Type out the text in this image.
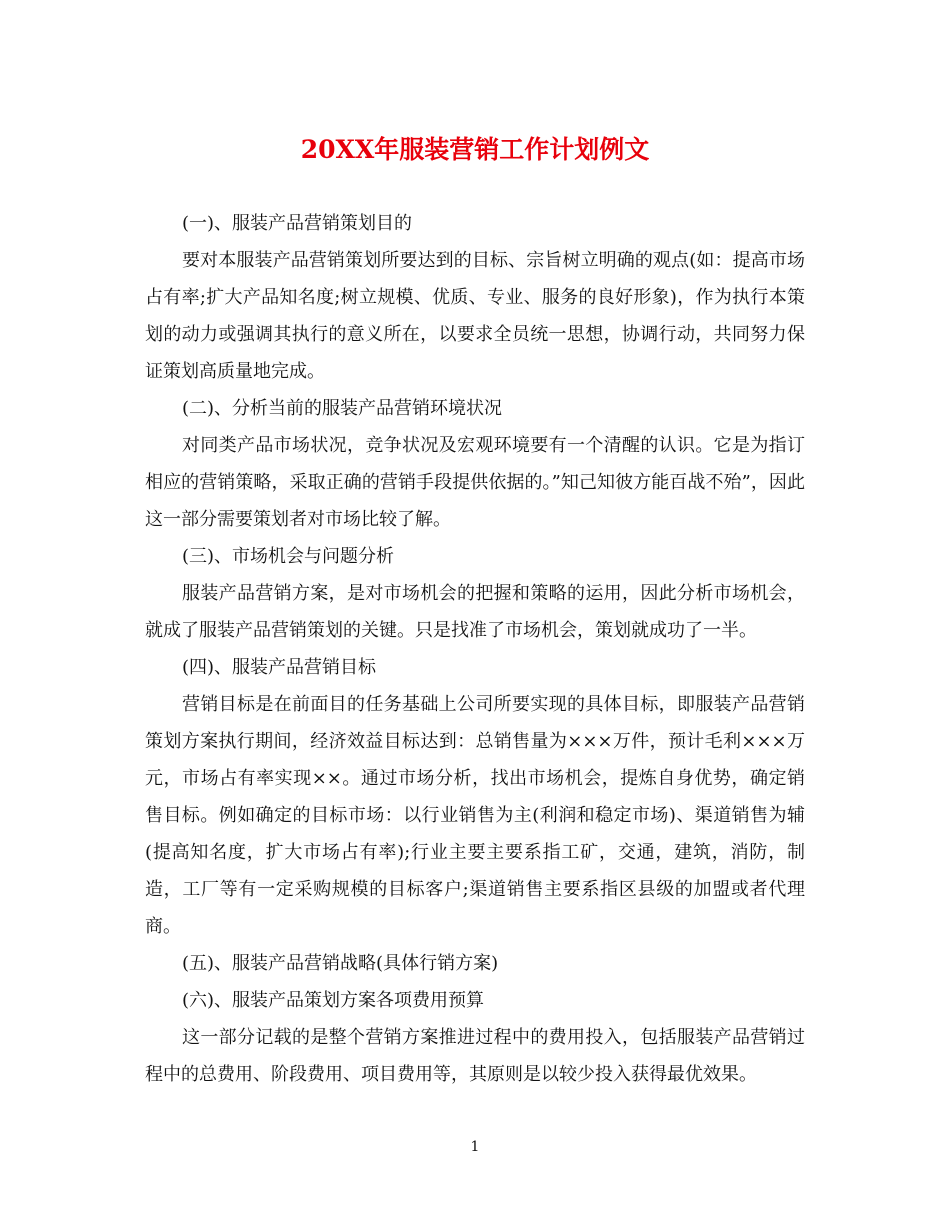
20XX年服装营销工作计划例文

(一)、服装产品营销策划目的

要对本服装产品营销策划所要达到的目标、宗旨树立明确的观点(如：提高市场占有率;扩大产品知名度;树立规模、优质、专业、服务的良好形象)，作为执行本策划的动力或强调其执行的意义所在，以要求全员统一思想，协调行动，共同努力保证策划高质量地完成。

(二)、分析当前的服装产品营销环境状况

对同类产品市场状况，竞争状况及宏观环境要有一个清醒的认识。它是为指订相应的营销策略，采取正确的营销手段提供依据的。”知己知彼方能百战不殆”，因此这一部分需要策划者对市场比较了解。

(三)、市场机会与问题分析

服装产品营销方案，是对市场机会的把握和策略的运用，因此分析市场机会，就成了服装产品营销策划的关键。只是找准了市场机会，策划就成功了一半。

(四)、服装产品营销目标

营销目标是在前面目的任务基础上公司所要实现的具体目标，即服装产品营销策划方案执行期间，经济效益目标达到：总销售量为×××万件，预计毛利×××万元，市场占有率实现××。通过市场分析，找出市场机会，提炼自身优势，确定销售目标。例如确定的目标市场：以行业销售为主(利润和稳定市场)、渠道销售为辅(提高知名度，扩大市场占有率);行业主要主要系指工矿，交通，建筑，消防，制造，工厂等有一定采购规模的目标客户;渠道销售主要系指区县级的加盟或者代理商。

(五)、服装产品营销战略(具体行销方案)

(六)、服装产品策划方案各项费用预算

这一部分记载的是整个营销方案推进过程中的费用投入，包括服装产品营销过程中的总费用、阶段费用、项目费用等，其原则是以较少投入获得最优效果。

1
